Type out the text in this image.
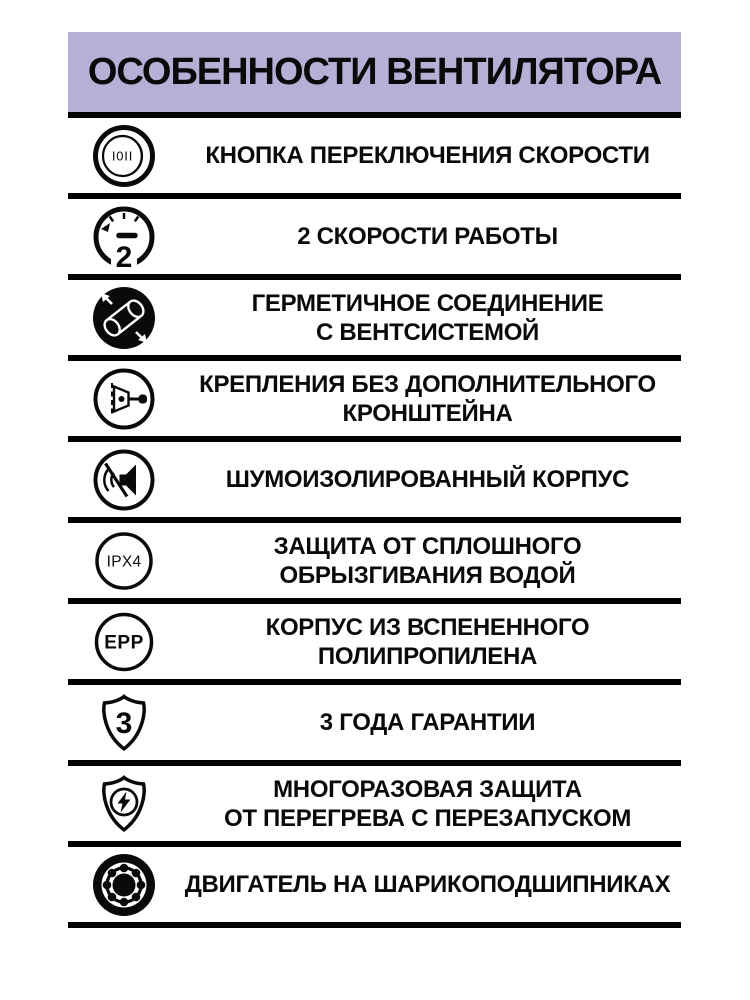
ОСОБЕННОСТИ ВЕНТИЛЯТОРА
I0II	КНОПКА ПЕРЕКЛЮЧЕНИЯ СКОРОСТИ
2
2 СКОРОСТИ РАБОТЫ
ГЕРМЕТИЧНОЕ СОЕДИНЕНИЕ
С ВЕНТСИСТЕМОЙ
КРЕПЛЕНИЯ БЕЗ ДОПОЛНИТЕЛЬНОГО
КРОНШТЕЙНА
ШУМОИЗОЛИРОВАННЫЙ КОРПУС
IPX4
ЗАЩИТА ОТ СПЛОШНОГО
ОБРЫЗГИВАНИЯ ВОДОЙ
EPP
КОРПУС ИЗ ВСПЕНЕННОГО
ПОЛИПРОПИЛЕНА
3	3 ГОДА ГАРАНТИИ
МНОГОРАЗОВАЯ ЗАЩИТА
ОТ ПЕРЕГРЕВА С ПЕРЕЗАПУСКОМ
ДВИГАТЕЛЬ НА ШАРИКОПОДШИПНИКАХ
